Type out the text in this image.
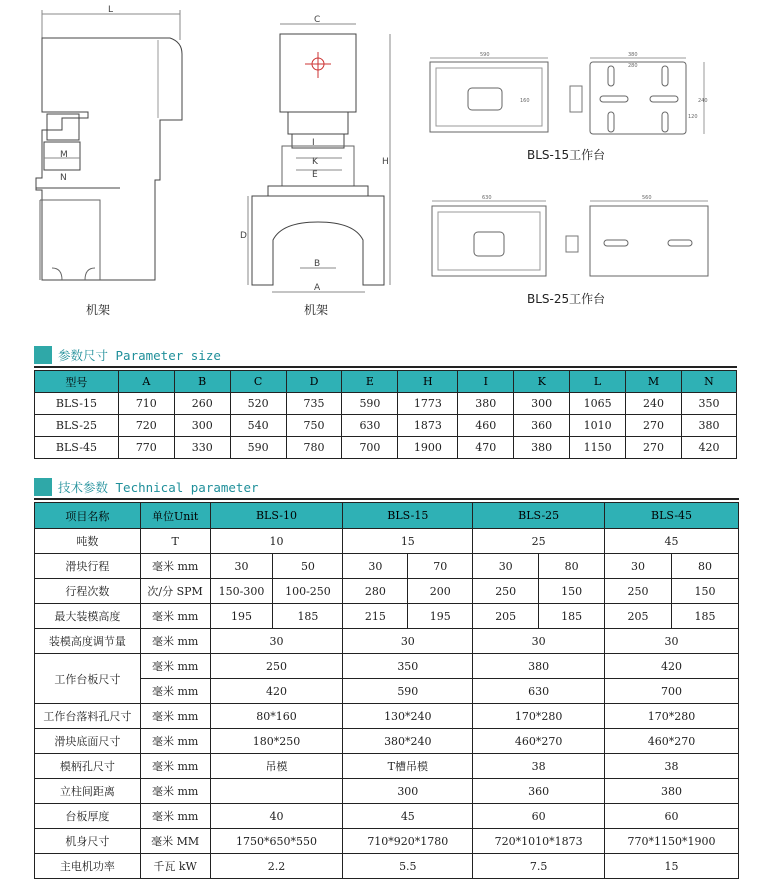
L
M
N
C
I
K
E
H
D
B
A
590	380
280
240
120
160
630	560
机架	机架
BLS-15工作台
BLS-25工作台
参数尺寸 Parameter size
型号	A	B	C	D	E	H	I	K	L	M	N
BLS-15	710	260	520	735	590	1773	380	300	1065	240	350
BLS-25	720	300	540	750	630	1873	460	360	1010	270	380
BLS-45	770	330	590	780	700	1900	470	380	1150	270	420
技术参数 Technical parameter
项目名称	单位Unit	BLS-10		BLS-15		BLS-25		BLS-45	
吨数	T	10		15		25		45	
滑块行程	毫米 mm	30	50	30	70	30	80	30	80
行程次数	次/分 SPM	150-300	100-250	280	200	250	150	250	150
最大装模高度	毫米 mm	195	185	215	195	205	185	205	185
装模高度调节量	毫米 mm	30		30		30		30	
工作台板尺寸	毫米 mm	250		350		380		420	
	毫米 mm	420		590		630		700	
工作台落料孔尺寸	毫米 mm	80*160		130*240		170*280		170*280	
滑块底面尺寸	毫米 mm	180*250		380*240		460*270		460*270	
模柄孔尺寸	毫米 mm	吊模		T槽吊模		38		38	
立柱间距离	毫米 mm			300		360		380	
台板厚度	毫米 mm	40		45		60		60	
机身尺寸	毫米 MM	1750*650*550		710*920*1780		720*1010*1873		770*1150*1900	
主电机功率	千瓦 kW	2.2		5.5		7.5		15	
